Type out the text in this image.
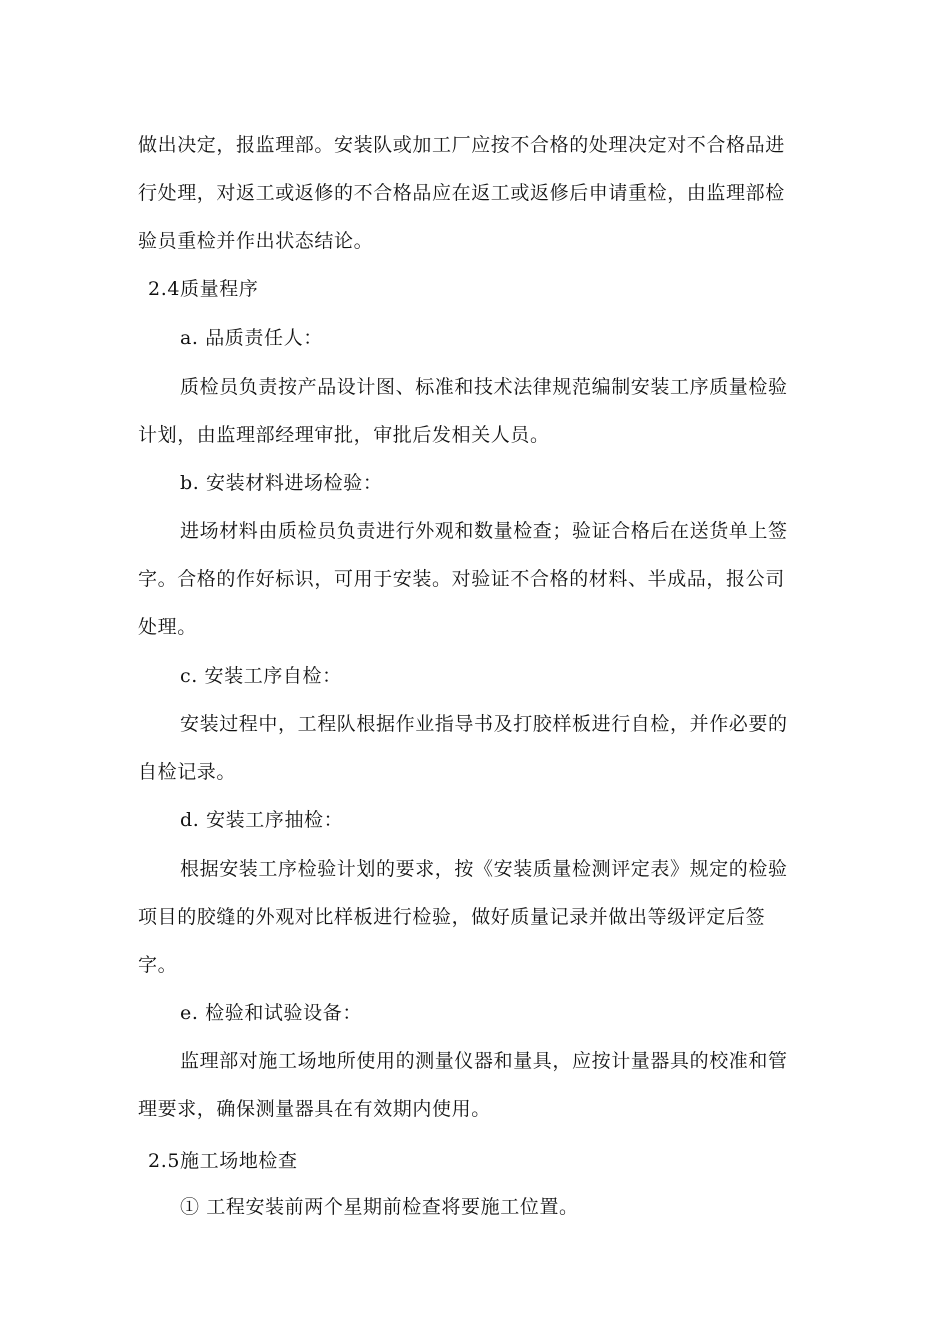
做出决定，报监理部。安装队或加工厂应按不合格的处理决定对不合格品进
行处理，对返工或返修的不合格品应在返工或返修后申请重检，由监理部检
验员重检并作出状态结论。
2.4质量程序
a. 品质责任人：
质检员负责按产品设计图、标准和技术法律规范编制安装工序质量检验
计划，由监理部经理审批，审批后发相关人员。
b. 安装材料进场检验：
进场材料由质检员负责进行外观和数量检查；验证合格后在送货单上签
字。合格的作好标识，可用于安装。对验证不合格的材料、半成品，报公司
处理。
c. 安装工序自检：
安装过程中，工程队根据作业指导书及打胶样板进行自检，并作必要的
自检记录。
d. 安装工序抽检：
根据安装工序检验计划的要求，按《安装质量检测评定表》规定的检验
项目的胶缝的外观对比样板进行检验，做好质量记录并做出等级评定后签
字。
e. 检验和试验设备：
监理部对施工场地所使用的测量仪器和量具，应按计量器具的校准和管
理要求，确保测量器具在有效期内使用。
2.5施工场地检查
① 工程安装前两个星期前检查将要施工位置。
